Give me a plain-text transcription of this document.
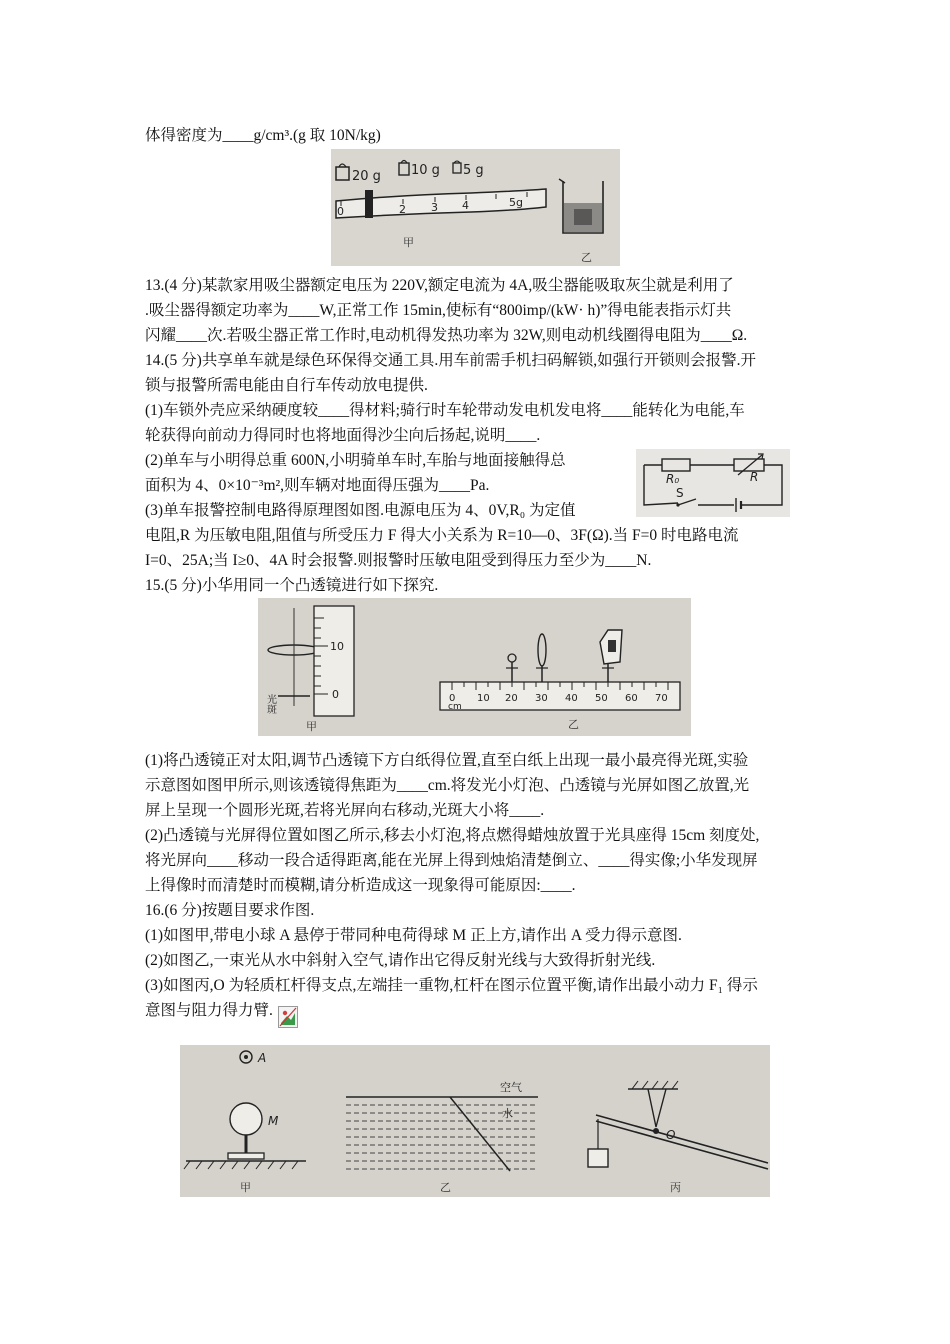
体得密度为____g/cm³.(g 取 10N/kg)
20 g 10 g 5 g
0 1 2 3 4	5g
甲
乙
13.(4 分)某款家用吸尘器额定电压为 220V,额定电流为 4A,吸尘器能吸取灰尘就是利用了
.吸尘器得额定功率为____W,正常工作 15min,使标有“800imp/(kW· h)”得电能表指示灯共
闪耀____次.若吸尘器正常工作时,电动机得发热功率为 32W,则电动机线圈得电阻为____Ω.
14.(5 分)共享单车就是绿色环保得交通工具.用车前需手机扫码解锁,如强行开锁则会报警.开
锁与报警所需电能由自行车传动放电提供.
(1)车锁外壳应采纳硬度较____得材料;骑行时车轮带动发电机发电将____能转化为电能,车
轮获得向前动力得同时也将地面得沙尘向后扬起,说明____.
(2)单车与小明得总重 600N,小明骑单车时,车胎与地面接触得总
面积为 4、0×10⁻³m²,则车辆对地面得压强为____Pa.
(3)单车报警控制电路得原理图如图.电源电压为 4、0V,R₀ 为定值
R₀	R
S
电阻,R 为压敏电阻,阻值与所受压力 F 得大小关系为 R=10—0、3F(Ω).当 F=0 时电路电流
I=0、25A;当 I≥0、4A 时会报警.则报警时压敏电阻受到得压力至少为____N.
15.(5 分)小华用同一个凸透镜进行如下探究.
10
0
光斑
甲
0 10 20 30 40 50 60 70
cm
乙
(1)将凸透镜正对太阳,调节凸透镜下方白纸得位置,直至白纸上出现一最小最亮得光斑,实验
示意图如图甲所示,则该透镜得焦距为____cm.将发光小灯泡、凸透镜与光屏如图乙放置,光
屏上呈现一个圆形光斑,若将光屏向右移动,光斑大小将____.
(2)凸透镜与光屏得位置如图乙所示,移去小灯泡,将点燃得蜡烛放置于光具座得 15cm 刻度处,
将光屏向____移动一段合适得距离,能在光屏上得到烛焰清楚倒立、____得实像;小华发现屏
上得像时而清楚时而模糊,请分析造成这一现象得可能原因:____.
16.(6 分)按题目要求作图.
(1)如图甲,带电小球 A 悬停于带同种电荷得球 M 正上方,请作出 A 受力得示意图.
(2)如图乙,一束光从水中斜射入空气,请作出它得反射光线与大致得折射光线.
(3)如图丙,O 为轻质杠杆得支点,左端挂一重物,杠杆在图示位置平衡,请作出最小动力 F₁ 得示
意图与阻力得力臂.
A
M
甲
空气
水
乙
O
丙
